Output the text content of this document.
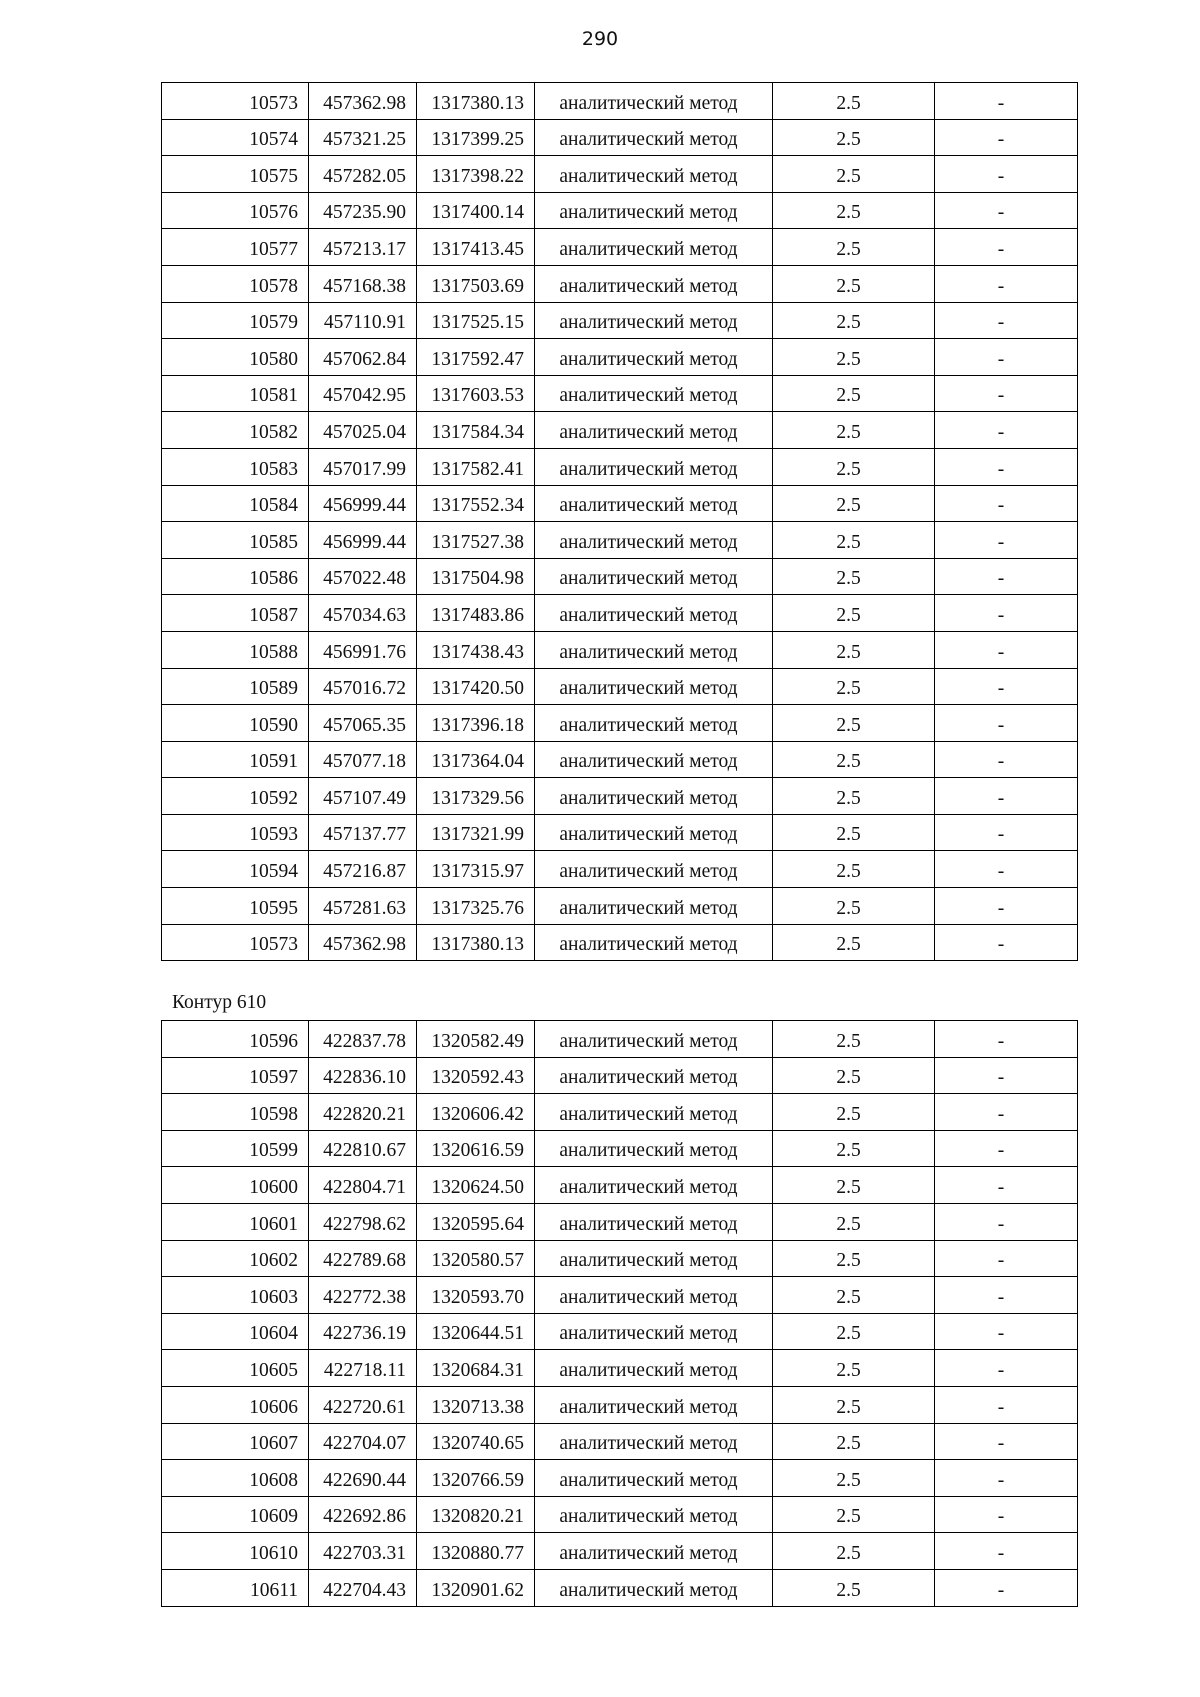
290
10573	457362.98	1317380.13	аналитический метод	2.5	-
10574	457321.25	1317399.25	аналитический метод	2.5	-
10575	457282.05	1317398.22	аналитический метод	2.5	-
10576	457235.90	1317400.14	аналитический метод	2.5	-
10577	457213.17	1317413.45	аналитический метод	2.5	-
10578	457168.38	1317503.69	аналитический метод	2.5	-
10579	457110.91	1317525.15	аналитический метод	2.5	-
10580	457062.84	1317592.47	аналитический метод	2.5	-
10581	457042.95	1317603.53	аналитический метод	2.5	-
10582	457025.04	1317584.34	аналитический метод	2.5	-
10583	457017.99	1317582.41	аналитический метод	2.5	-
10584	456999.44	1317552.34	аналитический метод	2.5	-
10585	456999.44	1317527.38	аналитический метод	2.5	-
10586	457022.48	1317504.98	аналитический метод	2.5	-
10587	457034.63	1317483.86	аналитический метод	2.5	-
10588	456991.76	1317438.43	аналитический метод	2.5	-
10589	457016.72	1317420.50	аналитический метод	2.5	-
10590	457065.35	1317396.18	аналитический метод	2.5	-
10591	457077.18	1317364.04	аналитический метод	2.5	-
10592	457107.49	1317329.56	аналитический метод	2.5	-
10593	457137.77	1317321.99	аналитический метод	2.5	-
10594	457216.87	1317315.97	аналитический метод	2.5	-
10595	457281.63	1317325.76	аналитический метод	2.5	-
10573	457362.98	1317380.13	аналитический метод	2.5	-
Контур 610
10596	422837.78	1320582.49	аналитический метод	2.5	-
10597	422836.10	1320592.43	аналитический метод	2.5	-
10598	422820.21	1320606.42	аналитический метод	2.5	-
10599	422810.67	1320616.59	аналитический метод	2.5	-
10600	422804.71	1320624.50	аналитический метод	2.5	-
10601	422798.62	1320595.64	аналитический метод	2.5	-
10602	422789.68	1320580.57	аналитический метод	2.5	-
10603	422772.38	1320593.70	аналитический метод	2.5	-
10604	422736.19	1320644.51	аналитический метод	2.5	-
10605	422718.11	1320684.31	аналитический метод	2.5	-
10606	422720.61	1320713.38	аналитический метод	2.5	-
10607	422704.07	1320740.65	аналитический метод	2.5	-
10608	422690.44	1320766.59	аналитический метод	2.5	-
10609	422692.86	1320820.21	аналитический метод	2.5	-
10610	422703.31	1320880.77	аналитический метод	2.5	-
10611	422704.43	1320901.62	аналитический метод	2.5	-
